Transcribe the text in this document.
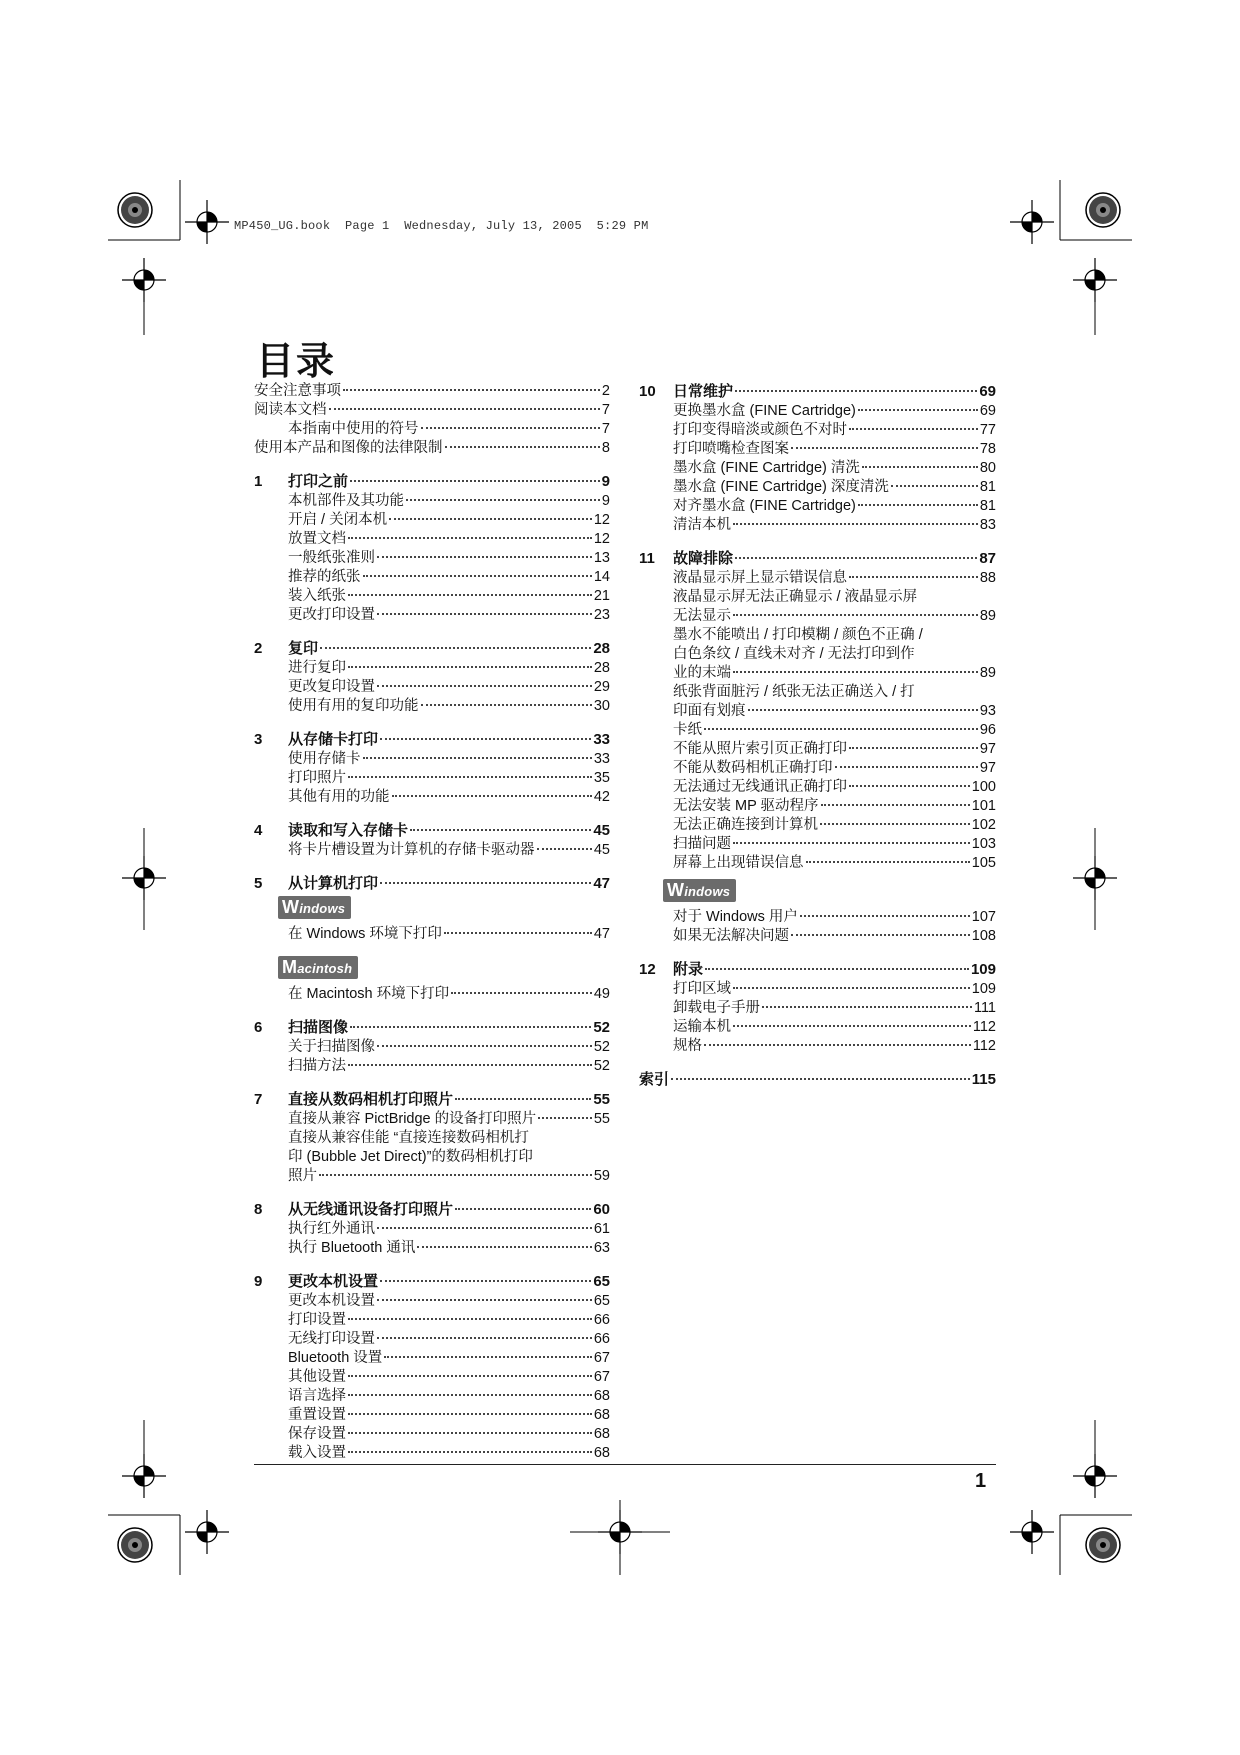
MP450_UG.book  Page 1  Wednesday, July 13, 2005  5:29 PM
目录
安全注意事项	2
阅读本文档	7
本指南中使用的符号	7
使用本产品和图像的法律限制	8
1	打印之前	9
本机部件及其功能	9
开启 / 关闭本机	12
放置文档	12
一般纸张准则	13
推荐的纸张	14
装入纸张	21
更改打印设置	23
2	复印	28
进行复印	28
更改复印设置	29
使用有用的复印功能	30
3	从存储卡打印	33
使用存储卡	33
打印照片	35
其他有用的功能	42
4	读取和写入存储卡	45
将卡片槽设置为计算机的存储卡驱动器	45
5	从计算机打印	47
Windows
在 Windows 环境下打印	47
Macintosh
在 Macintosh 环境下打印	49
6	扫描图像	52
关于扫描图像	52
扫描方法	52
7	直接从数码相机打印照片	55
直接从兼容 PictBridge 的设备打印照片	55
直接从兼容佳能 “直接连接数码相机打
印 (Bubble Jet Direct)”的数码相机打印
照片	59
8	从无线通讯设备打印照片	60
执行红外通讯	61
执行 Bluetooth 通讯	63
9	更改本机设置	65
更改本机设置	65
打印设置	66
无线打印设置	66
Bluetooth 设置	67
其他设置	67
语言选择	68
重置设置	68
保存设置	68
载入设置	68
10	日常维护	69
更换墨水盒 (FINE Cartridge)	69
打印变得暗淡或颜色不对时	77
打印喷嘴检查图案	78
墨水盒 (FINE Cartridge) 清洗	80
墨水盒 (FINE Cartridge) 深度清洗	81
对齐墨水盒 (FINE Cartridge)	81
清洁本机	83
11	故障排除	87
液晶显示屏上显示错误信息	88
液晶显示屏无法正确显示 / 液晶显示屏
无法显示	89
墨水不能喷出 / 打印模糊 / 颜色不正确 /
白色条纹 / 直线未对齐 / 无法打印到作
业的末端	89
纸张背面脏污 / 纸张无法正确送入 / 打
印面有划痕	93
卡纸	96
不能从照片索引页正确打印	97
不能从数码相机正确打印	97
无法通过无线通讯正确打印	100
无法安装 MP 驱动程序	101
无法正确连接到计算机	102
扫描问题	103
屏幕上出现错误信息	105
Windows
对于 Windows 用户	107
如果无法解决问题	108
12	附录	109
打印区域	109
卸载电子手册	111
运输本机	112
规格	112
索引	115
1
